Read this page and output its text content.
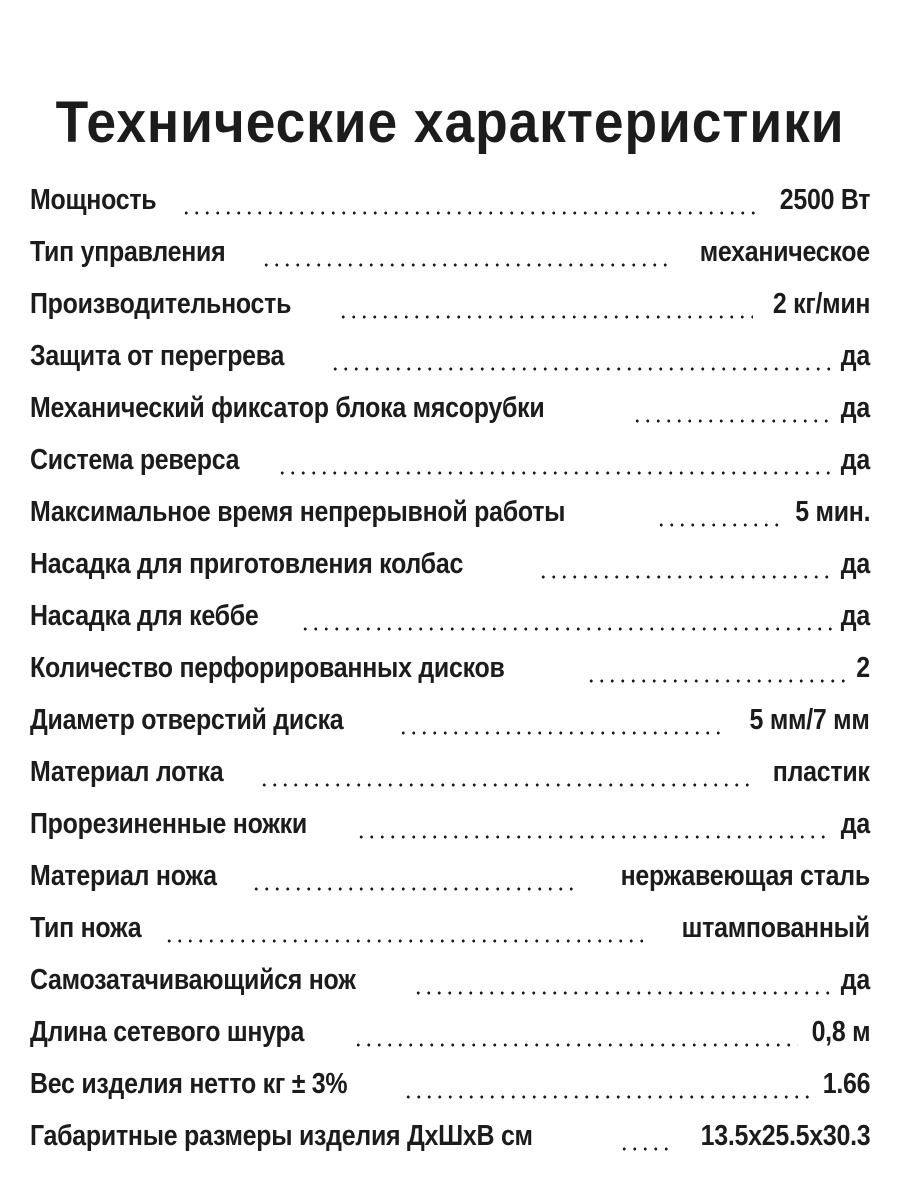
Технические характеристики
Мощность	2500 Вт
Тип управления	механическое
Производительность	2 кг/мин
Защита от перегрева	да
Механический фиксатор блока мясорубки	да
Система реверса	да
Максимальное время непрерывной работы	5 мин.
Насадка для приготовления колбас	да
Насадка для кеббе	да
Количество перфорированных дисков	2
Диаметр отверстий диска	5 мм/7 мм
Материал лотка	пластик
Прорезиненные ножки	да
Материал ножа	нержавеющая сталь
Тип ножа	штампованный
Самозатачивающийся нож	да
Длина сетевого шнура	0,8 м
Вес изделия нетто кг ± 3%	1.66
Габаритные размеры изделия ДхШхВ см	13.5x25.5x30.3
